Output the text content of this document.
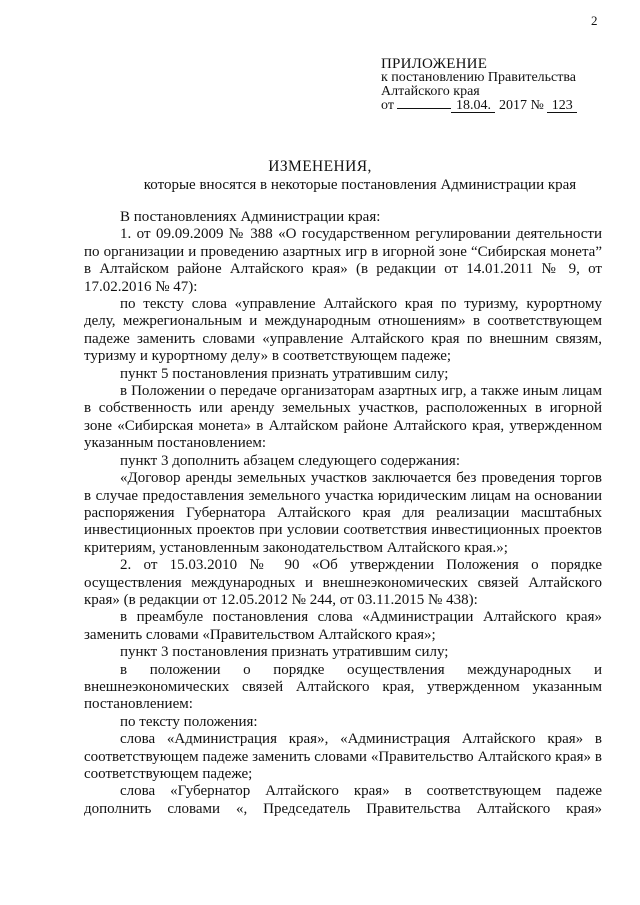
2
ПРИЛОЖЕНИЕ
к постановлению Правительства
Алтайского края
от	18.04. 2017 № 123
ИЗМЕНЕНИЯ,
которые вносятся в некоторые постановления Администрации края

В постановлениях Администрации края:

1. от 09.09.2009 № 388 «О государственном регулировании деятельности по организации и проведению азартных игр в игорной зоне “Сибирская монета” в Алтайском районе Алтайского края» (в редакции от 14.01.2011 № 9, от 17.02.2016 № 47):

по тексту слова «управление Алтайского края по туризму, курортному делу, межрегиональным и международным отношениям» в соответствующем падеже заменить словами «управление Алтайского края по внешним связям, туризму и курортному делу» в соответствующем падеже;

пункт 5 постановления признать утратившим силу;

в Положении о передаче организаторам азартных игр, а также иным лицам в собственность или аренду земельных участков, расположенных в игорной зоне «Сибирская монета» в Алтайском районе Алтайского края, утвержденном указанным постановлением:

пункт 3 дополнить абзацем следующего содержания:

«Договор аренды земельных участков заключается без проведения торгов в случае предоставления земельного участка юридическим лицам на основании распоряжения Губернатора Алтайского края для реализации масштабных инвестиционных проектов при условии соответствия инвестиционных проектов критериям, установленным законодательством Алтайского края.»;

2. от 15.03.2010 № 90 «Об утверждении Положения о порядке осуществления международных и внешнеэкономических связей Алтайского края» (в редакции от 12.05.2012 № 244, от 03.11.2015 № 438):

в преамбуле постановления слова «Администрации Алтайского края» заменить словами «Правительством Алтайского края»;

пункт 3 постановления признать утратившим силу;

в положении о порядке осуществления международных и внешнеэкономических связей Алтайского края, утвержденном указанным постановлением:

по тексту положения:

слова «Администрация края», «Администрация Алтайского края» в соответствующем падеже заменить словами «Правительство Алтайского края» в соответствующем падеже;

слова «Губернатор Алтайского края» в соответствующем падеже дополнить словами «, Председатель Правительства Алтайского края»
